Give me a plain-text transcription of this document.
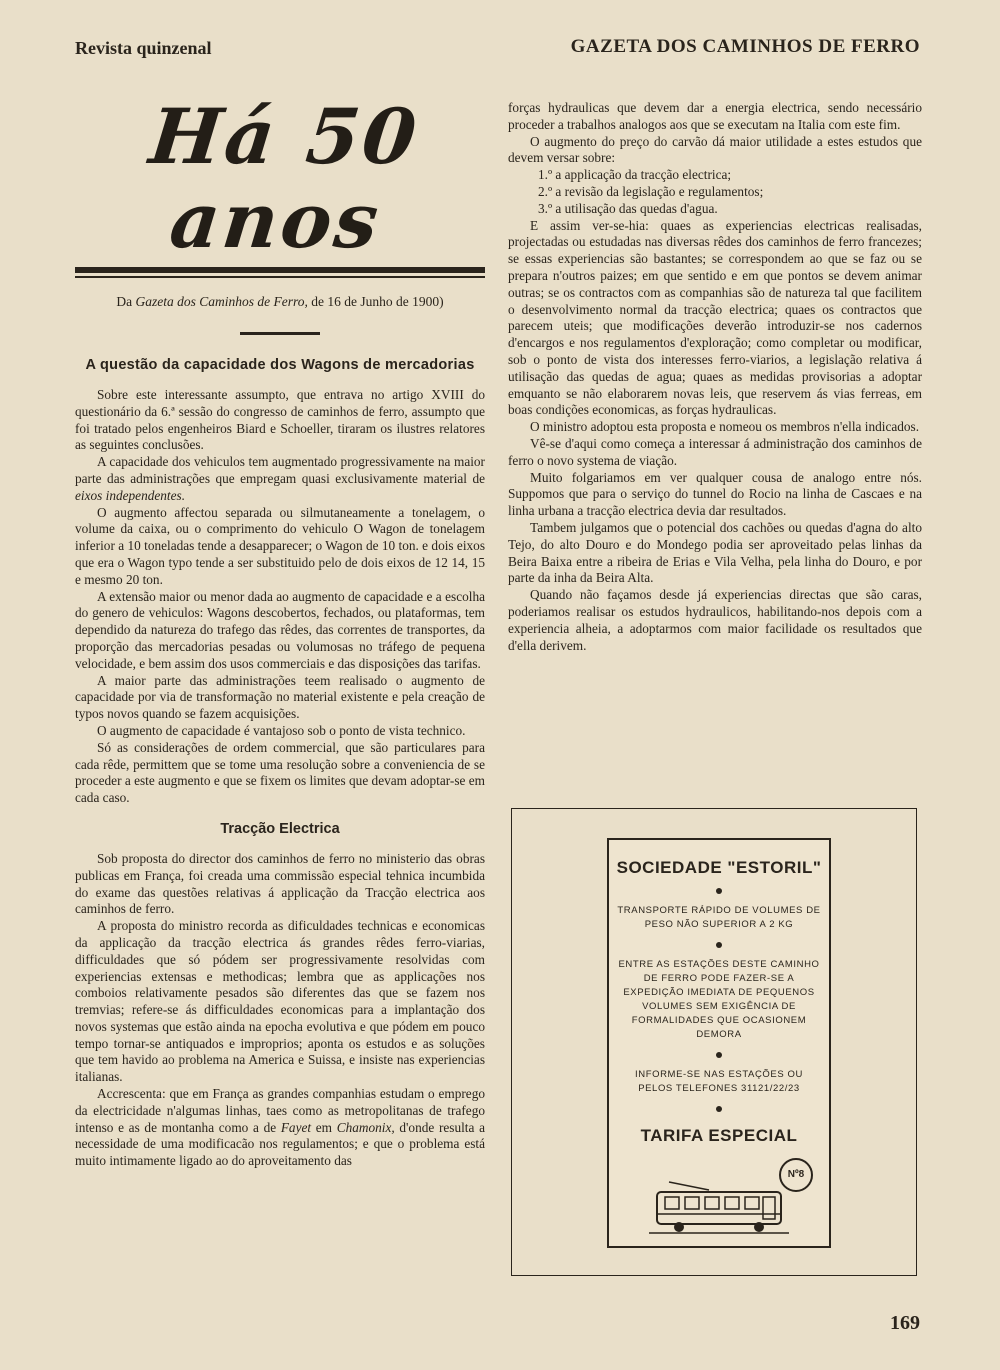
Revista quinzenal	GAZETA DOS CAMINHOS DE FERRO
Há 50 anos
Da Gazeta dos Caminhos de Ferro, de 16 de Junho de 1900)
A questão da capacidade dos Wagons de mercadorias

Sobre este interessante assumpto, que entrava no artigo XVIII do questionário da 6.ª sessão do congresso de caminhos de ferro, assumpto que foi tratado pelos engenheiros Biard e Schoeller, tiraram os ilustres relatores as seguintes conclusões.

A capacidade dos vehiculos tem augmentado progressivamente na maior parte das administrações que empregam quasi exclusivamente material de eixos independentes.

O augmento affectou separada ou silmutaneamente a tonelagem, o volume da caixa, ou o comprimento do vehiculo O Wagon de tonelagem inferior a 10 toneladas tende a desapparecer; o Wagon de 10 ton. e dois eixos que era o Wagon typo tende a ser substituido pelo de dois eixos de 12 14, 15 e mesmo 20 ton.

A extensão maior ou menor dada ao augmento de capacidade e a escolha do genero de vehiculos: Wagons descobertos, fechados, ou plataformas, tem dependido da natureza do trafego das rêdes, das correntes de transportes, da proporção das mercadorias pesadas ou volumosas no tráfego de pequena velocidade, e bem assim dos usos commerciais e das disposições das tarifas.

A maior parte das administrações teem realisado o augmento de capacidade por via de transformação no material existente e pela creação de typos novos quando se fazem acquisições.

O augmento de capacidade é vantajoso sob o ponto de vista technico.

Só as considerações de ordem commercial, que são particulares para cada rêde, permittem que se tome uma resolução sobre a conveniencia de se proceder a este augmento e que se fixem os limites que devam adoptar-se em cada caso.

Tracção Electrica

Sob proposta do director dos caminhos de ferro no ministerio das obras publicas em França, foi creada uma commissão especial tehnica incumbida do exame das questões relativas á applicação da Tracção electrica aos caminhos de ferro.

A proposta do ministro recorda as dificuldades technicas e economicas da applicação da tracção electrica ás grandes rêdes ferro-viarias, difficuldades que só pódem ser progressivamente resolvidas com experiencias extensas e methodicas; lembra que as applicações nos comboios relativamente pesados são diferentes das que se fazem nos tremvias; refere-se ás difficuldades economicas para a implantação dos novos systemas que estão ainda na epocha evolutiva e que pódem em pouco tempo tornar-se antiquados e improprios; aponta os estudos e as soluções que tem havido ao problema na America e Suissa, e insiste nas experiencias italianas.

Accrescenta: que em França as grandes companhias estudam o emprego da electricidade n'algumas linhas, taes como as metropolitanas de trafego intenso e as de montanha como a de Fayet em Chamonix, d'onde resulta a necessidade de uma modificacão nos regulamentos; e que o problema está muito intimamente ligado ao do aproveitamento das

forças hydraulicas que devem dar a energia electrica, sendo necessário proceder a trabalhos analogos aos que se executam na Italia com este fim.

O augmento do preço do carvão dá maior utilidade a estes estudos que devem versar sobre:

1.º a applicação da tracção electrica;

2.º a revisão da legislação e regulamentos;

3.º a utilisação das quedas d'agua.

E assim ver-se-hia: quaes as experiencias electricas realisadas, projectadas ou estudadas nas diversas rêdes dos caminhos de ferro francezes; se essas experiencias são bastantes; se correspondem ao que se faz ou se prepara n'outros paizes; em que sentido e em que pontos se devem animar outras; se os contractos com as companhias são de natureza tal que facilitem o desenvolvimento normal da tracção electrica; quaes os contractos que parecem uteis; que modificações deverão introduzir-se nos cadernos d'encargos e nos regulamentos d'exploração; como completar ou modificar, sob o ponto de vista dos interesses ferro-viarios, a legislação relativa á utilisação das quedas de agua; quaes as medidas provisorias a adoptar emquanto se não elaborarem novas leis, que reservem ás vias ferreas, em boas condições economicas, as forças hydraulicas.

O ministro adoptou esta proposta e nomeou os membros n'ella indicados.

Vê-se d'aqui como começa a interessar á administração dos caminhos de ferro o novo systema de viação.

Muito folgariamos em ver qualquer cousa de analogo entre nós. Suppomos que para o serviço do tunnel do Rocio na linha de Cascaes e na linha urbana a tracção electrica devia dar resultados.

Tambem julgamos que o potencial dos cachões ou quedas d'agna do alto Tejo, do alto Douro e do Mondego podia ser aproveitado pelas linhas da Beira Baixa entre a ribeira de Erias e Vila Velha, pela linha do Douro, e por parte da inha da Beira Alta.

Quando não façamos desde já experiencias directas que são caras, poderiamos realisar os estudos hydraulicos, habilitando-nos depois com a experiencia alheia, a adoptarmos com maior facilidade os resultados que d'ella derivem.

SOCIEDADE "ESTORIL"
TRANSPORTE RÁPIDO DE VOLUMES DE PESO NÃO SUPERIOR A 2 KG
ENTRE AS ESTAÇÕES DESTE CAMINHO DE FERRO PODE FAZER-SE A EXPEDIÇÃO IMEDIATA DE PEQUENOS VOLUMES SEM EXIGÊNCIA DE FORMALIDADES QUE OCASIONEM DEMORA
INFORME-SE NAS ESTAÇÕES OU PELOS TELEFONES 31121/22/23
TARIFA ESPECIAL
Nº8
169
